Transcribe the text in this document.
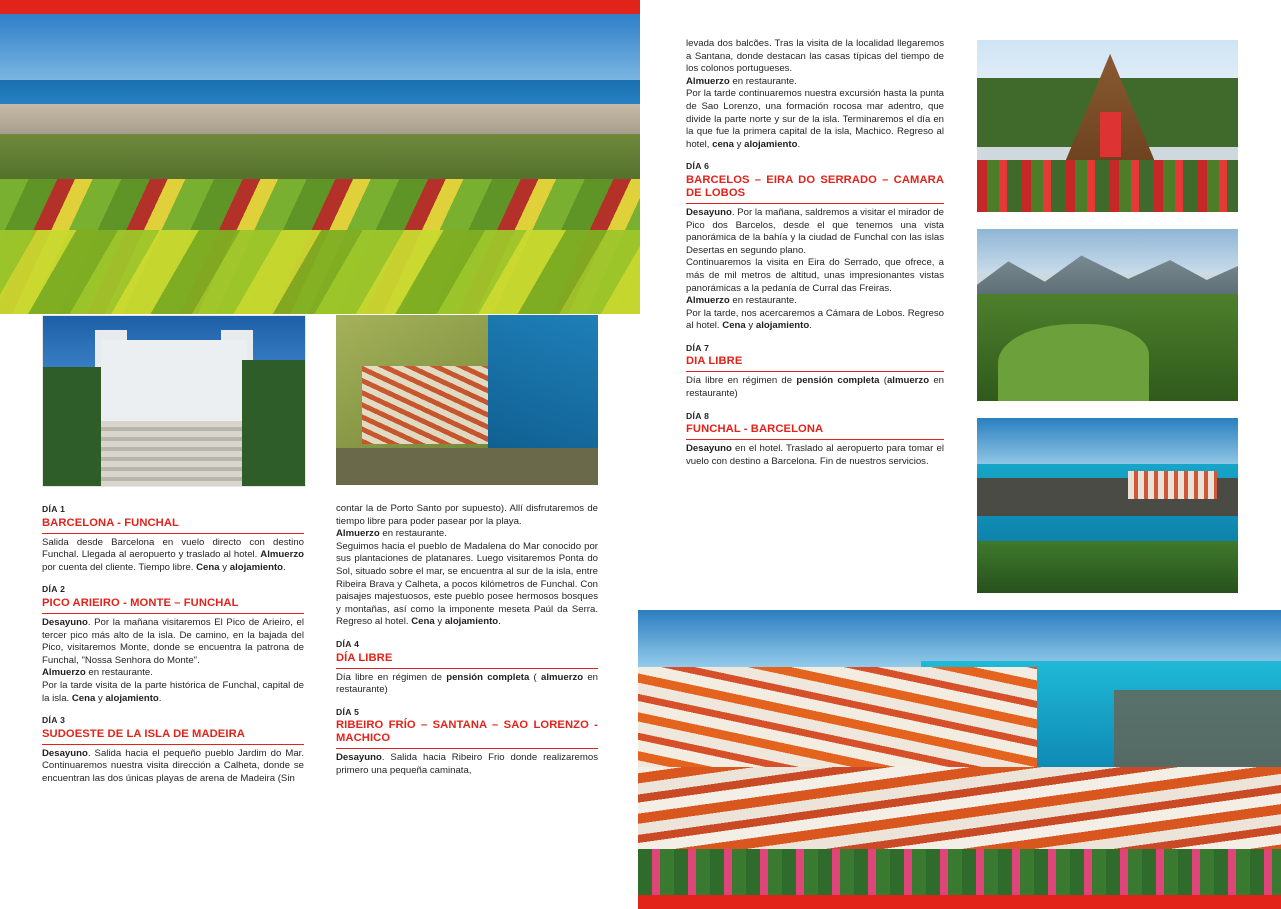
DÍA 1
BARCELONA - FUNCHAL

Salida desde Barcelona en vuelo directo con destino Funchal. Llegada al aeropuerto y traslado al hotel. Almuerzo por cuenta del cliente. Tiempo libre. Cena y alojamiento.

DÍA 2
PICO ARIEIRO - MONTE – FUNCHAL

Desayuno. Por la mañana visitaremos El Pico de Arieiro, el tercer pico más alto de la isla. De camino, en la bajada del Pico, visitaremos Monte, donde se encuentra la patrona de Funchal, "Nossa Senhora do Monte".

Almuerzo en restaurante.

Por la tarde visita de la parte histórica de Funchal, capital de la isla. Cena y alojamiento.

DÍA 3
SUDOESTE DE LA ISLA DE MADEIRA

Desayuno. Salida hacia el pequeño pueblo Jardim do Mar. Continuaremos nuestra visita dirección a Calheta, donde se encuentran las dos únicas playas de arena de Madeira (Sin

contar la de Porto Santo por supuesto). Allí disfrutaremos de tiempo libre para poder pasear por la playa.

Almuerzo en restaurante.

Seguimos hacia el pueblo de Madalena do Mar conocido por sus plantaciones de platanares. Luego visitaremos Ponta do Sol, situado sobre el mar, se encuentra al sur de la isla, entre Ribeira Brava y Calheta, a pocos kilómetros de Funchal. Con paisajes majestuosos, este pueblo posee hermosos bosques y montañas, así como la imponente meseta Paúl da Serra. Regreso al hotel. Cena y alojamiento.

DÍA 4
DÍA LIBRE

Día libre en régimen de pensión completa ( almuerzo en restaurante)

DÍA 5
RIBEIRO FRÍO – SANTANA – SAO LORENZO - MACHICO

Desayuno. Salida hacia Ribeiro Frio donde realizaremos primero una pequeña caminata,

levada dos balcões. Tras la visita de la localidad llegaremos a Santana, donde destacan las casas típicas del tiempo de los colonos portugueses.

Almuerzo en restaurante.

Por la tarde continuaremos nuestra excursión hasta la punta de Sao Lorenzo, una formación rocosa mar adentro, que divide la parte norte y sur de la isla. Terminaremos el día en la que fue la primera capital de la isla, Machico. Regreso al hotel, cena y alojamiento.

DÍA 6
BARCELOS – EIRA DO SERRADO – CAMARA DE LOBOS

Desayuno. Por la mañana, saldremos a visitar el mirador de Pico dos Barcelos, desde el que tenemos una vista panorámica de la bahía y la ciudad de Funchal con las islas Desertas en segundo plano.

Continuaremos la visita en Eira do Serrado, que ofrece, a más de mil metros de altitud, unas impresionantes vistas panorámicas a la pedanía de Curral das Freiras.

Almuerzo en restaurante.

Por la tarde, nos acercaremos a Cámara de Lobos. Regreso al hotel. Cena y alojamiento.

DÍA 7
DIA LIBRE

Día libre en régimen de pensión completa (almuerzo en restaurante)

DÍA 8
FUNCHAL - BARCELONA

Desayuno en el hotel. Traslado al aeropuerto para tomar el vuelo con destino a Barcelona. Fin de nuestros servicios.
